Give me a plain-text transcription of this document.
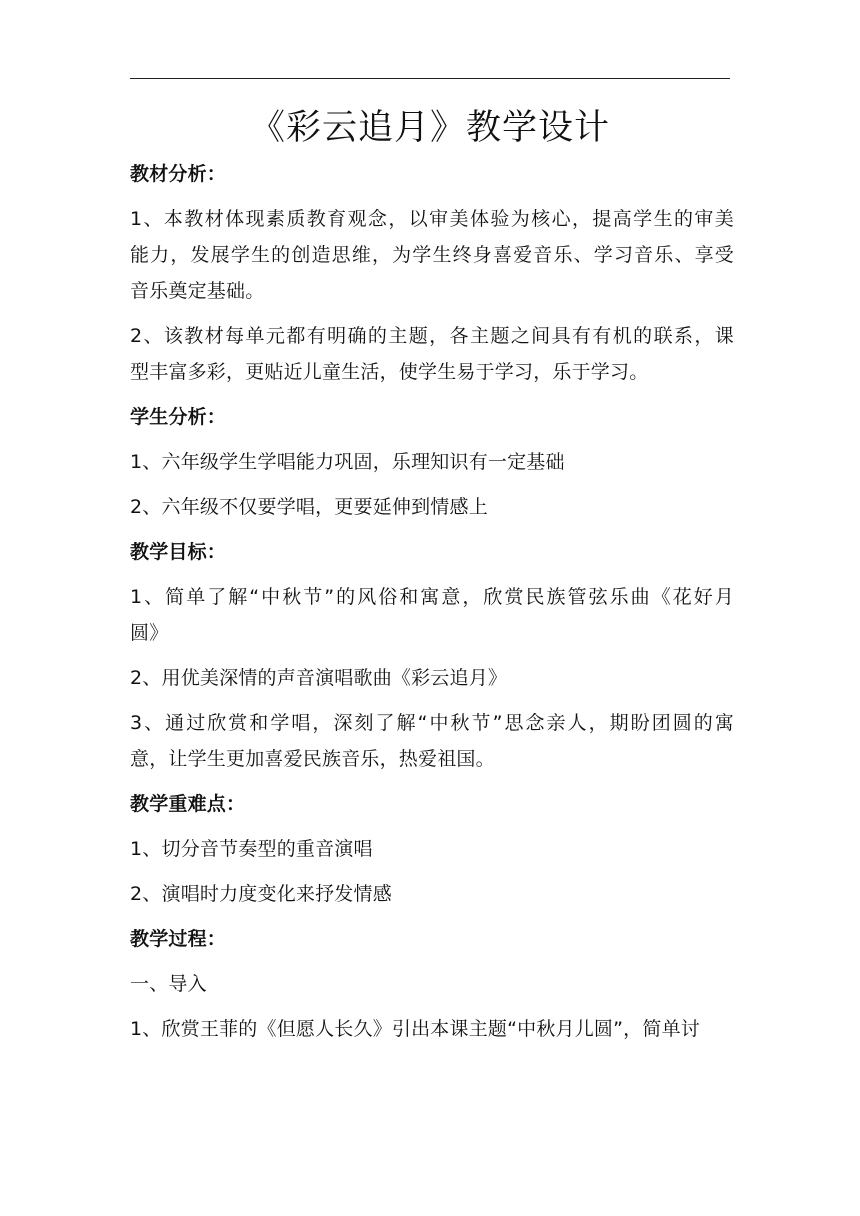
《彩云追月》教学设计
教材分析：
1、本教材体现素质教育观念，以审美体验为核心，提高学生的审美
能力，发展学生的创造思维，为学生终身喜爱音乐、学习音乐、享受
音乐奠定基础。
2、该教材每单元都有明确的主题，各主题之间具有有机的联系，课
型丰富多彩，更贴近儿童生活，使学生易于学习，乐于学习。
学生分析：
1、六年级学生学唱能力巩固，乐理知识有一定基础
2、六年级不仅要学唱，更要延伸到情感上
教学目标：
1、简单了解“中秋节”的风俗和寓意，欣赏民族管弦乐曲《花好月
圆》
2、用优美深情的声音演唱歌曲《彩云追月》
3、通过欣赏和学唱，深刻了解“中秋节”思念亲人，期盼团圆的寓
意，让学生更加喜爱民族音乐，热爱祖国。
教学重难点：
1、切分音节奏型的重音演唱
2、演唱时力度变化来抒发情感
教学过程：
一、导入
1、欣赏王菲的《但愿人长久》引出本课主题“中秋月儿圆”，简单讨
